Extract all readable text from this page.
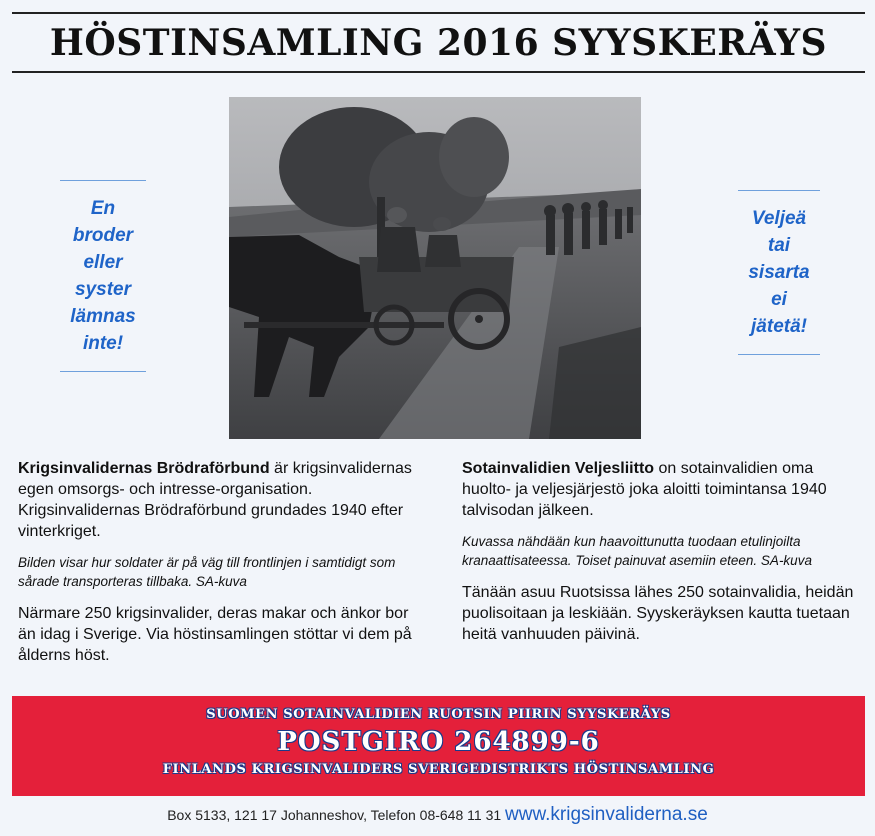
HÖSTINSAMLING 2016 SYYSKERÄYS
En
broder
eller
syster
lämnas
inte!
Veljeä
tai
sisarta
ei
jätetä!

Krigsinvalidernas Brödraförbund är krigsinvalidernas egen omsorgs- och intresse-organisation. Krigsinvalidernas Brödraförbund grundades 1940 efter vinterkriget.

Bilden visar hur soldater är på väg till frontlinjen i samtidigt som sårade transporteras tillbaka. SA-kuva

Närmare 250 krigsinvalider, deras makar och änkor bor än idag i Sverige. Via höstinsamlingen stöttar vi dem på ålderns höst.

Sotainvalidien Veljesliitto on sotainvalidien oma huolto- ja veljesjärjestö joka aloitti toimintansa 1940 talvisodan jälkeen.

Kuvassa nähdään kun haavoittunutta tuodaan etulinjoilta kranaattisateessa. Toiset painuvat asemiin eteen. SA-kuva

Tänään asuu Ruotsissa lähes 250 sotainvalidia, heidän puolisoitaan ja leskiään. Syyskeräyksen kautta tuetaan heitä vanhuuden päivinä.

SUOMEN SOTAINVALIDIEN RUOTSIN PIIRIN SYYSKERÄYS

POSTGIRO 264899-6

FINLANDS KRIGSINVALIDERS SVERIGEDISTRIKTS HÖSTINSAMLING

Box 5133, 121 17 Johanneshov, Telefon 08-648 11 31 www.krigsinvaliderna.se
